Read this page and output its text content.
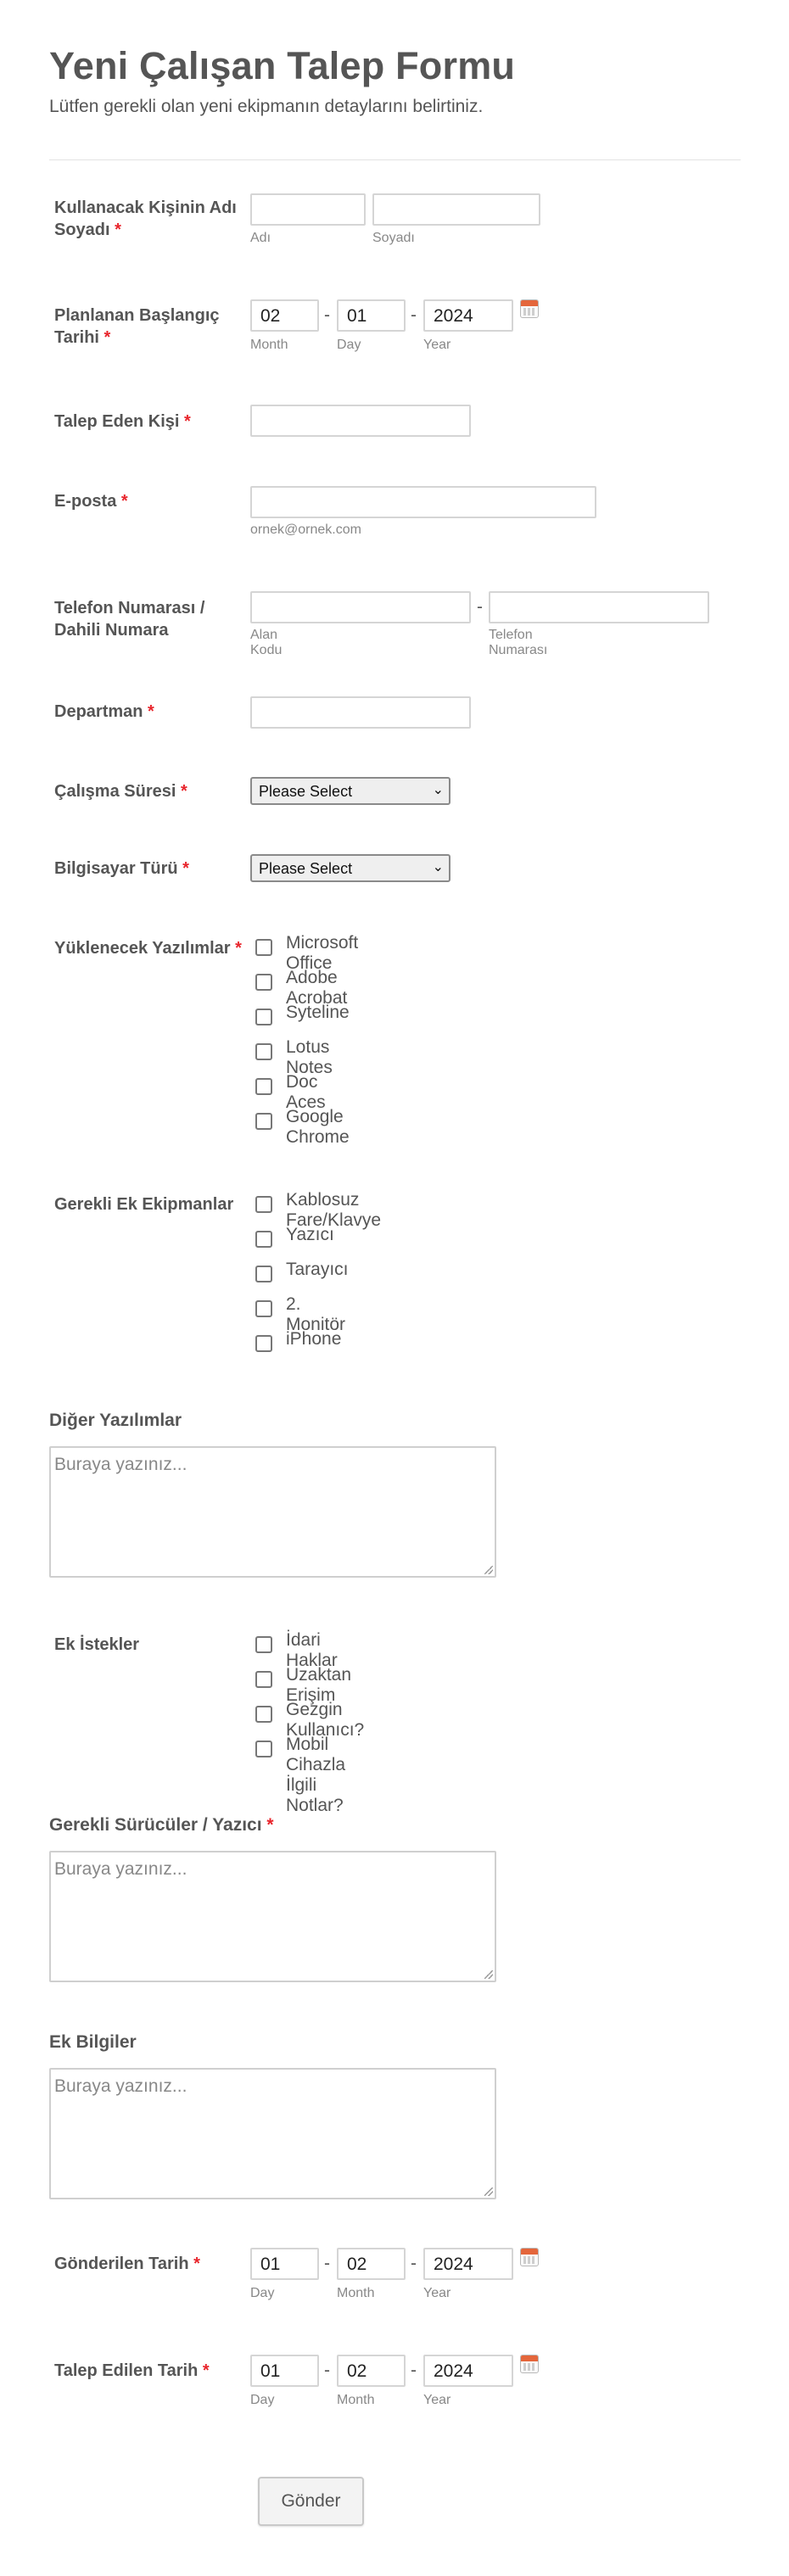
Yeni Çalışan Talep Formu
Lütfen gerekli olan yeni ekipmanın detaylarını belirtiniz.
Kullanacak Kişinin Adı Soyadı *	Adı	Soyadı
Planlanan Başlangıç Tarihi *
02	- 01	- 2024
Month	Day	Year
Talep Eden Kişi *
E-posta *
ornek@ornek.com
Telefon Numarası / Dahili Numara
-
Alan Kodu
Telefon Numarası
Departman *
Çalışma Süresi *	Please Select	⌄
Bilgisayar Türü *	Please Select	⌄
Yüklenecek Yazılımlar * Microsoft Office
Adobe Acrobat
Syteline
Lotus Notes
Doc Aces
Google Chrome
Gerekli Ek Ekipmanlar	Kablosuz Fare/Klavye
Yazıcı
Tarayıcı
2. Monitör
iPhone
Diğer Yazılımlar
Buraya yazınız...
Ek İstekler	İdari Haklar
Uzaktan Erişim
Gezgin Kullanıcı?
Mobil Cihazla İlgili Notlar?
Gerekli Sürücüler / Yazıcı *
Buraya yazınız...
Ek Bilgiler
Buraya yazınız...
Gönderilen Tarih *	01	- 02	- 2024
Day	Month	Year
Talep Edilen Tarih *	01	- 02	- 2024
Day	Month	Year
Gönder
